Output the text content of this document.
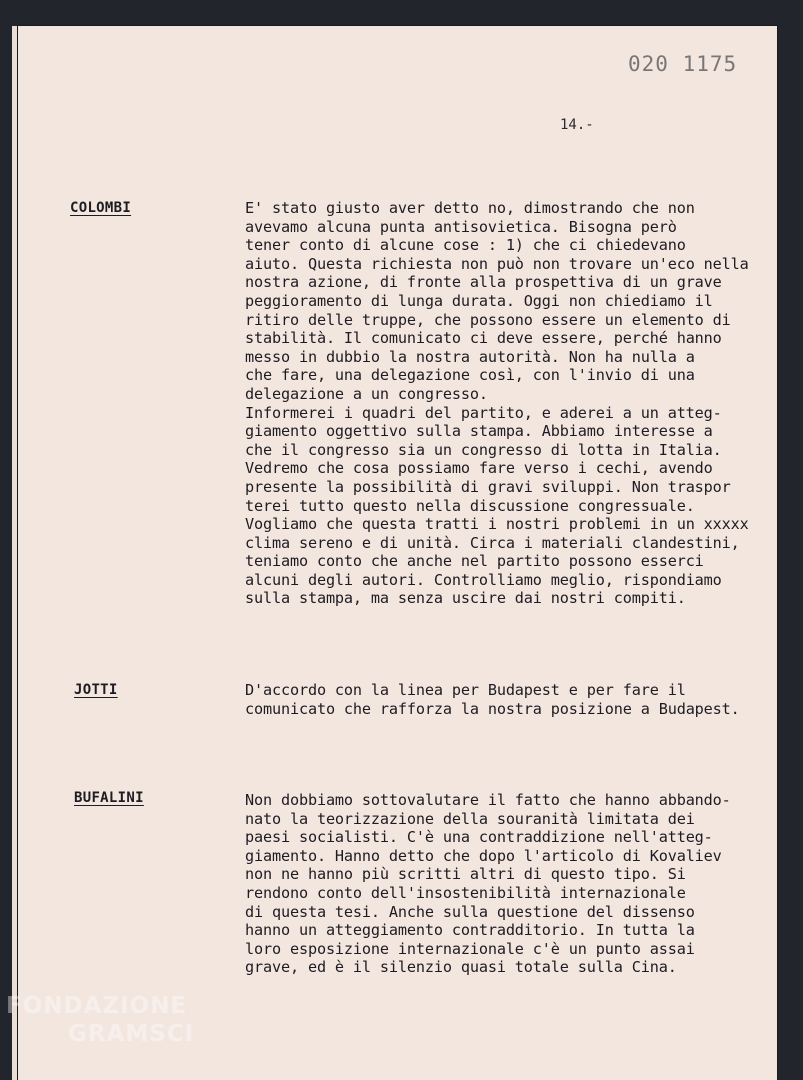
020 1175
14.-
COLOMBI	E' stato giusto aver detto no, dimostrando che non
avevamo alcuna punta antisovietica. Bisogna però
tener conto di alcune cose : 1) che ci chiedevano
aiuto. Questa richiesta non può non trovare un'eco nella
nostra azione, di fronte alla prospettiva di un grave
peggioramento di lunga durata. Oggi non chiediamo il
ritiro delle truppe, che possono essere un elemento di
stabilità. Il comunicato ci deve essere, perché hanno
messo in dubbio la nostra autorità. Non ha nulla a
che fare, una delegazione così, con l'invio di una
delegazione a un congresso.
Informerei i quadri del partito, e aderei a un atteg-
giamento oggettivo sulla stampa. Abbiamo interesse a
che il congresso sia un congresso di lotta in Italia.
Vedremo che cosa possiamo fare verso i cechi, avendo
presente la possibilità di gravi sviluppi. Non traspor
terei tutto questo nella discussione congressuale.
Vogliamo che questa tratti i nostri problemi in un xxxxx
clima sereno e di unità. Circa i materiali clandestini,
teniamo conto che anche nel partito possono esserci
alcuni degli autori. Controlliamo meglio, rispondiamo
sulla stampa, ma senza uscire dai nostri compiti.
JOTTI	D'accordo con la linea per Budapest e per fare il
comunicato che rafforza la nostra posizione a Budapest.
BUFALINI	Non dobbiamo sottovalutare il fatto che hanno abbando-
nato la teorizzazione della souranità limitata dei
paesi socialisti. C'è una contraddizione nell'atteg-
giamento. Hanno detto che dopo l'articolo di Kovaliev
non ne hanno più scritti altri di questo tipo. Si
rendono conto dell'insostenibilità internazionale
di questa tesi. Anche sulla questione del dissenso
hanno un atteggiamento contradditorio. In tutta la
loro esposizione internazionale c'è un punto assai
grave, ed è il silenzio quasi totale sulla Cina.
FONDAZIONE
GRAMSCI
